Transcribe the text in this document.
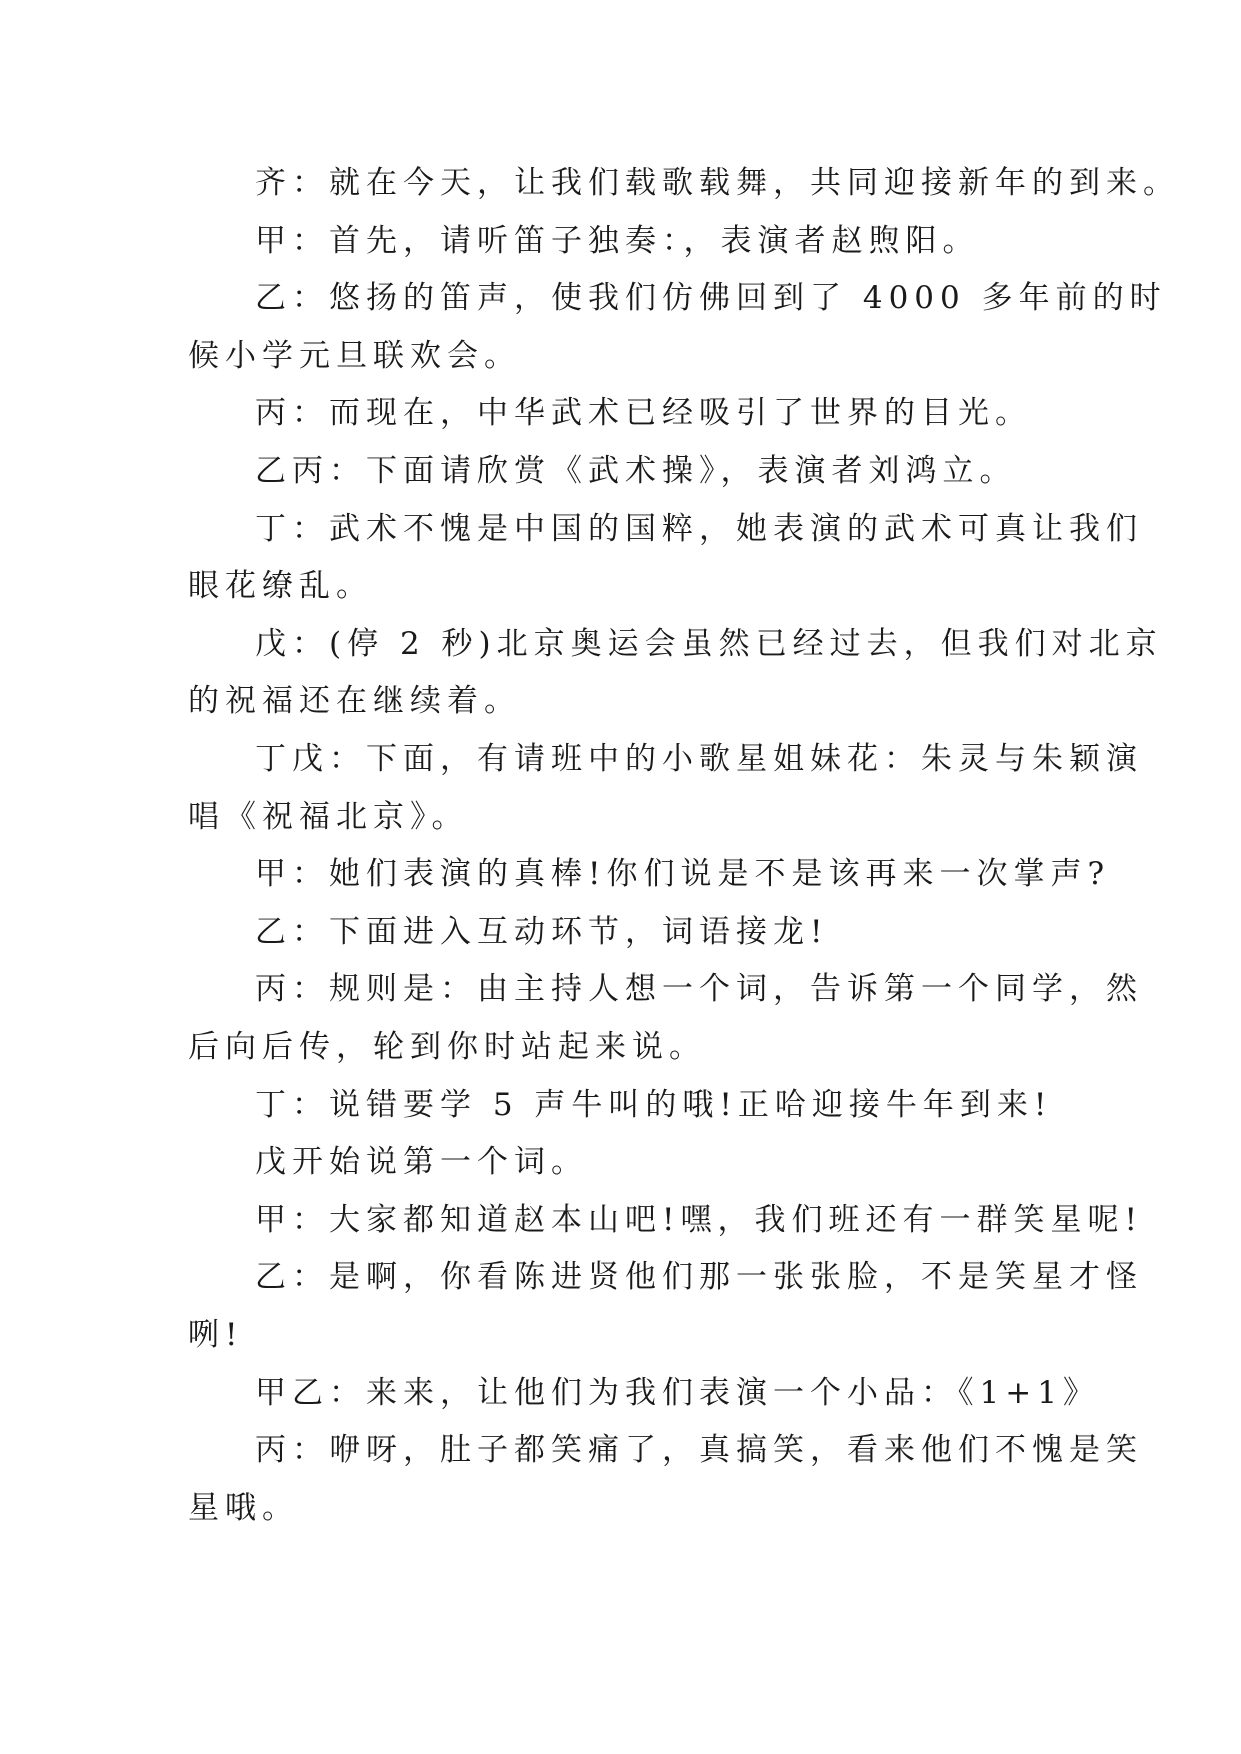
齐：就在今天，让我们载歌载舞，共同迎接新年的到来。
甲：首先，请听笛子独奏：，表演者赵煦阳。
乙：悠扬的笛声，使我们仿佛回到了 4000 多年前的时
候小学元旦联欢会。
丙：而现在，中华武术已经吸引了世界的目光。
乙丙：下面请欣赏《武术操》，表演者刘鸿立。
丁：武术不愧是中国的国粹，她表演的武术可真让我们
眼花缭乱。
戊：(停 2 秒)北京奥运会虽然已经过去，但我们对北京
的祝福还在继续着。
丁戊：下面，有请班中的小歌星姐妹花：朱灵与朱颖演
唱《祝福北京》。
甲：她们表演的真棒!你们说是不是该再来一次掌声?
乙：下面进入互动环节，词语接龙!
丙：规则是：由主持人想一个词，告诉第一个同学，然
后向后传，轮到你时站起来说。
丁：说错要学 5 声牛叫的哦!正哈迎接牛年到来!
戊开始说第一个词。
甲：大家都知道赵本山吧!嘿，我们班还有一群笑星呢!
乙：是啊，你看陈进贤他们那一张张脸，不是笑星才怪
咧!
甲乙：来来，让他们为我们表演一个小品：《1+1》
丙：咿呀，肚子都笑痛了，真搞笑，看来他们不愧是笑
星哦。
